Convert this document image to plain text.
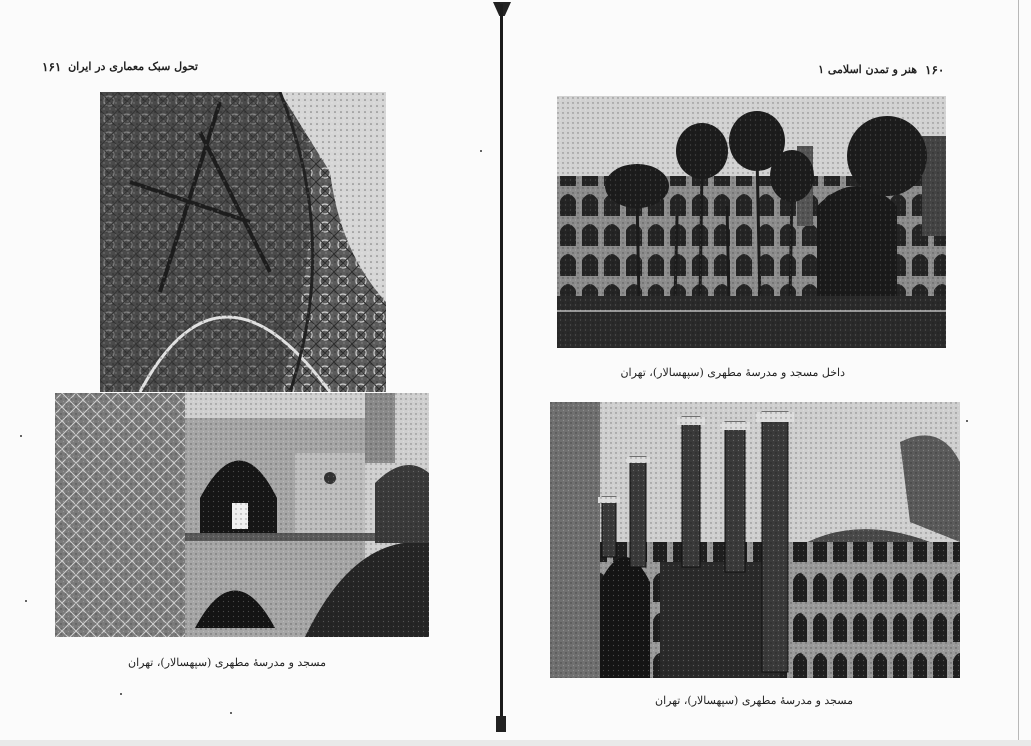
۱۶۱ تحول سبک معماری در ایران
مسجد و مدرسهٔ مطهری (سپهسالار)، تهران
هنر و تمدن اسلامی ۱ ۱۶۰
داخل مسجد و مدرسهٔ مطهری (سپهسالار)، تهران
مسجد و مدرسهٔ مطهری (سپهسالار)، تهران
